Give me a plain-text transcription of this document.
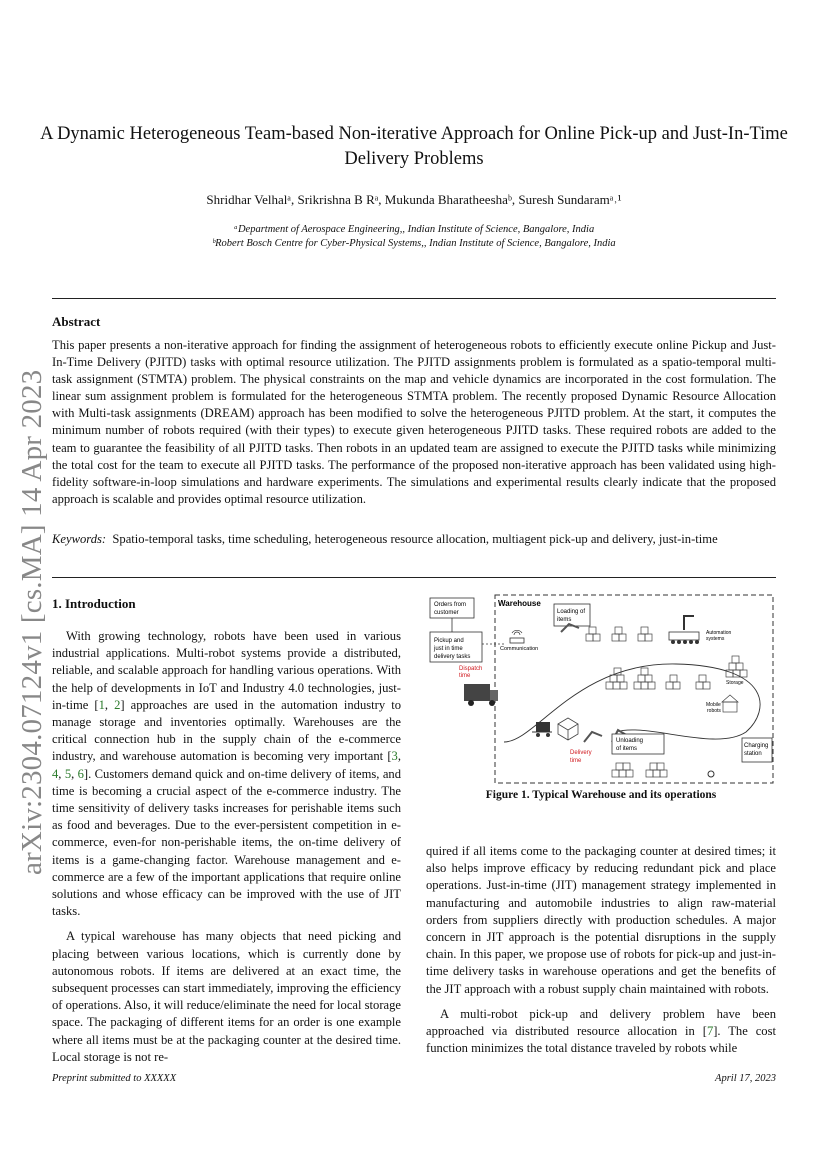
arXiv:2304.07124v1 [cs.MA] 14 Apr 2023
A Dynamic Heterogeneous Team-based Non-iterative Approach for Online Pick-up and Just-In-Time Delivery Problems
Shridhar Velhalᵃ, Srikrishna B Rᵃ, Mukunda Bharatheeshaᵇ, Suresh Sundaramᵃ˒¹
ᵃDepartment of Aerospace Engineering,, Indian Institute of Science, Bangalore, India
ᵇRobert Bosch Centre for Cyber-Physical Systems,, Indian Institute of Science, Bangalore, India
Abstract
This paper presents a non-iterative approach for finding the assignment of heterogeneous robots to efficiently execute online Pickup and Just-In-Time Delivery (PJITD) tasks with optimal resource utilization. The PJITD assignments problem is formulated as a spatio-temporal multi-task assignment (STMTA) problem. The physical constraints on the map and vehicle dynamics are incorporated in the cost formulation. The linear sum assignment problem is formulated for the heterogeneous STMTA problem. The recently proposed Dynamic Resource Allocation with Multi-task assignments (DREAM) approach has been modified to solve the heterogeneous PJITD problem. At the start, it computes the minimum number of robots required (with their types) to execute given heterogeneous PJITD tasks. These required robots are added to the team to guarantee the feasibility of all PJITD tasks. Then robots in an updated team are assigned to execute the PJITD tasks while minimizing the total cost for the team to execute all PJITD tasks. The performance of the proposed non-iterative approach has been validated using high-fidelity software-in-loop simulations and hardware experiments. The simulations and experimental results clearly indicate that the proposed approach is scalable and provides optimal resource utilization.
Keywords: Spatio-temporal tasks, time scheduling, heterogeneous resource allocation, multiagent pick-up and delivery, just-in-time
1. Introduction

With growing technology, robots have been used in various industrial applications. Multi-robot systems provide a distributed, reliable, and scalable approach for handling various operations. With the help of developments in IoT and Industry 4.0 technologies, just-in-time [1, 2] approaches are used in the automation industry to manage storage and inventories optimally. Warehouses are the critical connection hub in the supply chain of the e-commerce industry, and warehouse automation is becoming very important [3, 4, 5, 6]. Customers demand quick and on-time delivery of items, and time is becoming a crucial aspect of the e-commerce industry. The time sensitivity of delivery tasks increases for perishable items such as food and beverages. Due to the ever-persistent competition in e-commerce, even-for non-perishable items, the on-time delivery of items is a game-changing factor. Warehouse management and e-commerce are a few of the important applications that require online solutions and whose efficacy can be improved with the use of JIT tasks.

A typical warehouse has many objects that need picking and placing between various locations, which is currently done by autonomous robots. If items are delivered at an exact time, the subsequent processes can start immediately, improving the efficiency of operations. Also, it will reduce/eliminate the need for local storage space. The packaging of different items for an order is one example where all items must be at the packaging counter at the desired time. Local storage is not re-

Warehouse
Orders from
customer
Pickup and
just in time
delivery tasks
Communication
Loading of
items
Automation
systems
Storage
Dispatch
time
Mobile
robots
Delivery
time
Unloading
of items	Charging
station
Figure 1. Typical Warehouse and its operations

quired if all items come to the packaging counter at desired times; it also helps improve efficacy by reducing redundant pick and place operations. Just-in-time (JIT) management strategy implemented in manufacturing and automobile industries to align raw-material orders from suppliers directly with production schedules. A major concern in JIT approach is the potential disruptions in the supply chain. In this paper, we propose use of robots for pick-up and just-in-time delivery tasks in warehouse operations and get the benefits of the JIT approach with a robust supply chain maintained with robots.

A multi-robot pick-up and delivery problem have been approached via distributed resource allocation in [7]. The cost function minimizes the total distance traveled by robots while

Preprint submitted to XXXXX	April 17, 2023
